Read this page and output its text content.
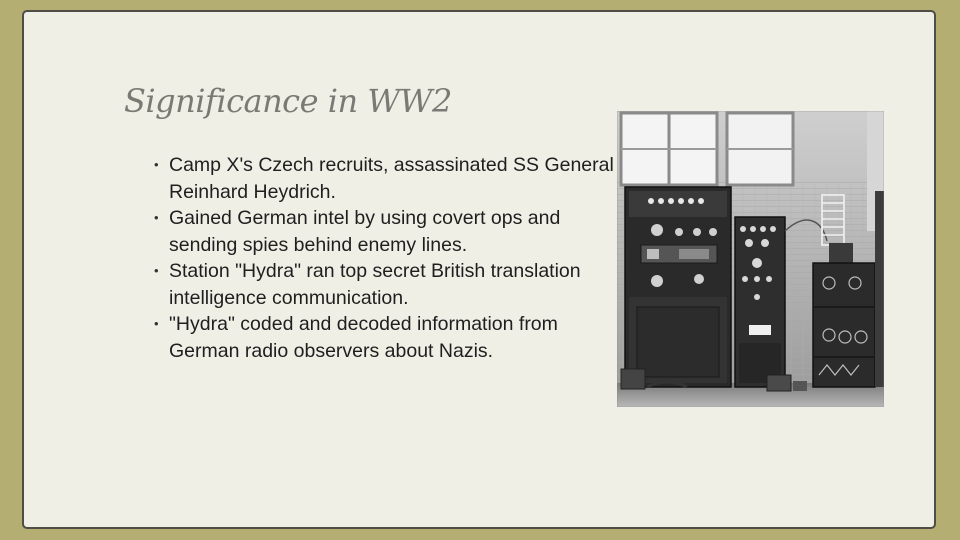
Significance in WW2
• Camp X's Czech recruits, assassinated SS General Reinhard Heydrich.
• Gained German intel by using covert ops and sending spies behind enemy lines.
• Station "Hydra" ran top secret British translation intelligence communication.
• "Hydra" coded and decoded information from German radio observers about Nazis.
